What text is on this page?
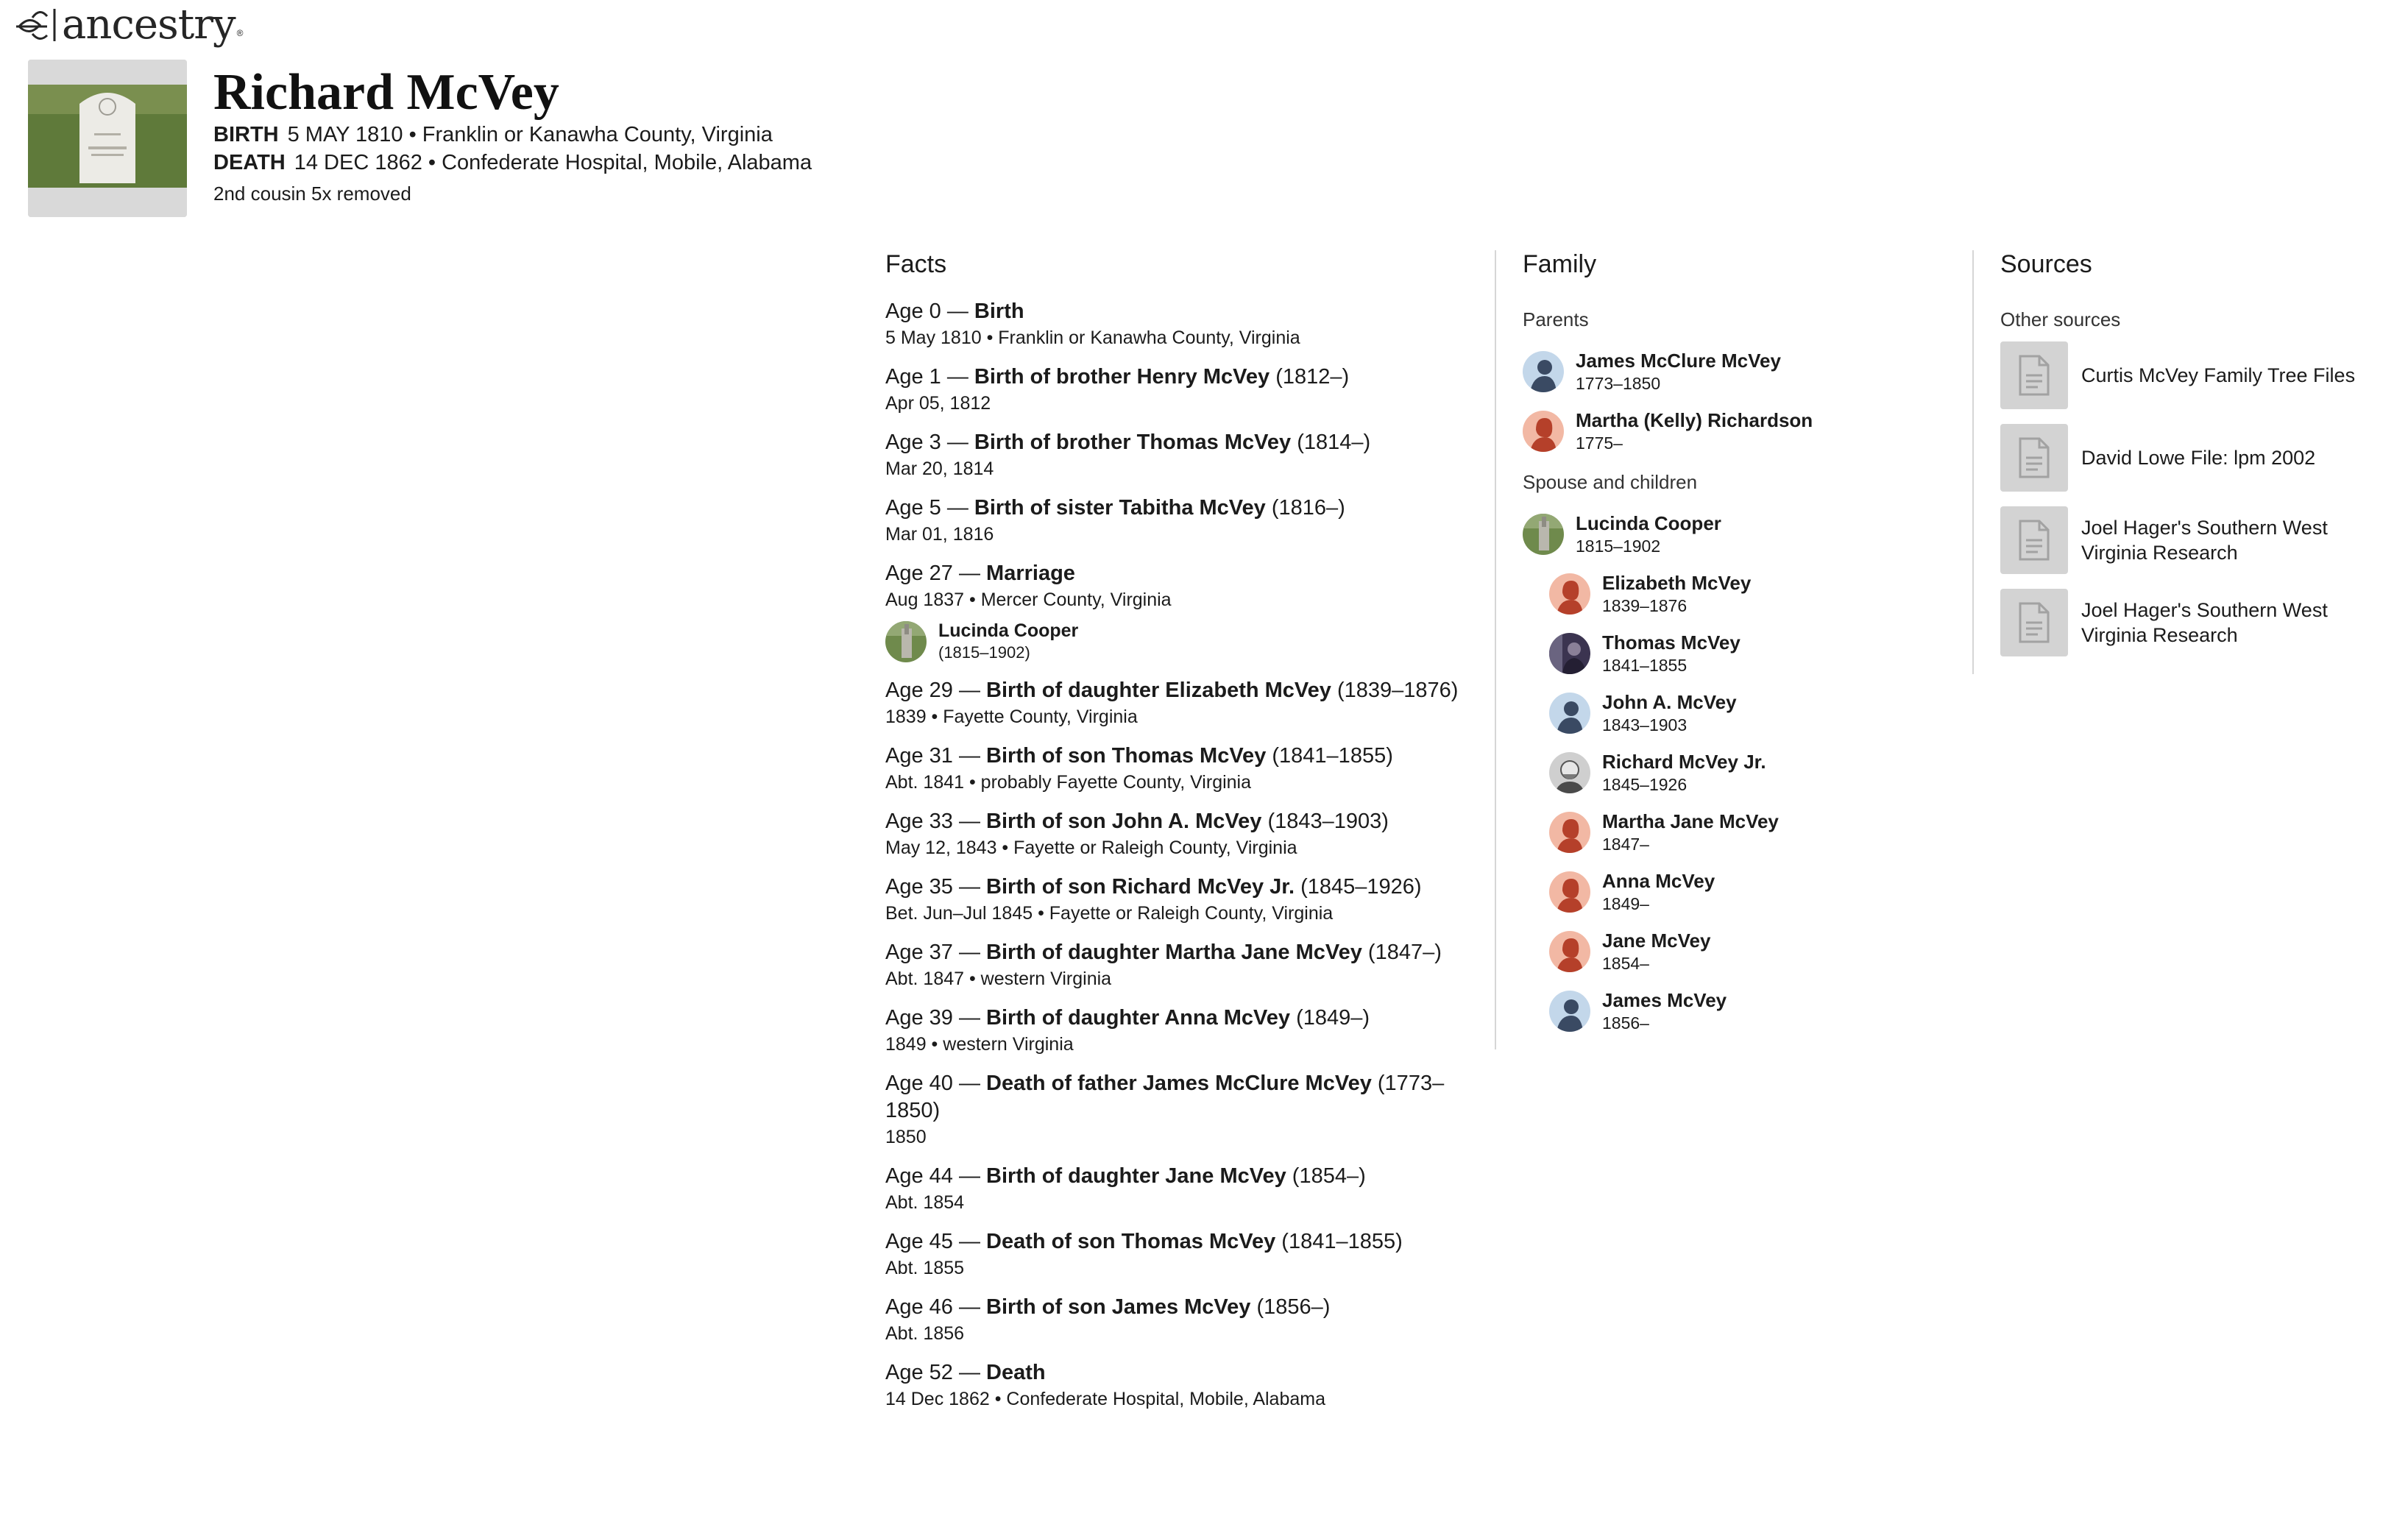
ancestry ®
Richard McVey
BIRTH 5 MAY 1810 • Franklin or Kanawha County, Virginia
DEATH 14 DEC 1862 • Confederate Hospital, Mobile, Alabama
2nd cousin 5x removed
Facts	Family	Sources
Age 0 — Birth
5 May 1810 • Franklin or Kanawha County, Virginia
Age 1 — Birth of brother Henry McVey (1812–)
Apr 05, 1812
Age 3 — Birth of brother Thomas McVey (1814–)
Mar 20, 1814
Age 5 — Birth of sister Tabitha McVey (1816–)
Mar 01, 1816
Age 27 — Marriage
Aug 1837 • Mercer County, Virginia
Lucinda Cooper
(1815–1902)
Age 29 — Birth of daughter Elizabeth McVey (1839–1876)
1839 • Fayette County, Virginia
Age 31 — Birth of son Thomas McVey (1841–1855)
Abt. 1841 • probably Fayette County, Virginia
Age 33 — Birth of son John A. McVey (1843–1903)
May 12, 1843 • Fayette or Raleigh County, Virginia
Age 35 — Birth of son Richard McVey Jr. (1845–1926)
Bet. Jun–Jul 1845 • Fayette or Raleigh County, Virginia
Age 37 — Birth of daughter Martha Jane McVey (1847–)
Abt. 1847 • western Virginia
Age 39 — Birth of daughter Anna McVey (1849–)
1849 • western Virginia
Age 40 — Death of father James McClure McVey (1773–1850)
1850
Age 44 — Birth of daughter Jane McVey (1854–)
Abt. 1854
Age 45 — Death of son Thomas McVey (1841–1855)
Abt. 1855
Age 46 — Birth of son James McVey (1856–)
Abt. 1856
Age 52 — Death
14 Dec 1862 • Confederate Hospital, Mobile, Alabama
Parents
James McClure McVey
1773–1850
Martha (Kelly) Richardson
1775–
Spouse and children
Lucinda Cooper
1815–1902
Elizabeth McVey
1839–1876
Thomas McVey
1841–1855
John A. McVey
1843–1903
Richard McVey Jr.
1845–1926
Martha Jane McVey
1847–
Anna McVey
1849–
Jane McVey
1854–
James McVey
1856–
Other sources
Curtis McVey Family Tree Files
David Lowe File: lpm 2002
Joel Hager's Southern West Virginia Research
Joel Hager's Southern West Virginia Research
